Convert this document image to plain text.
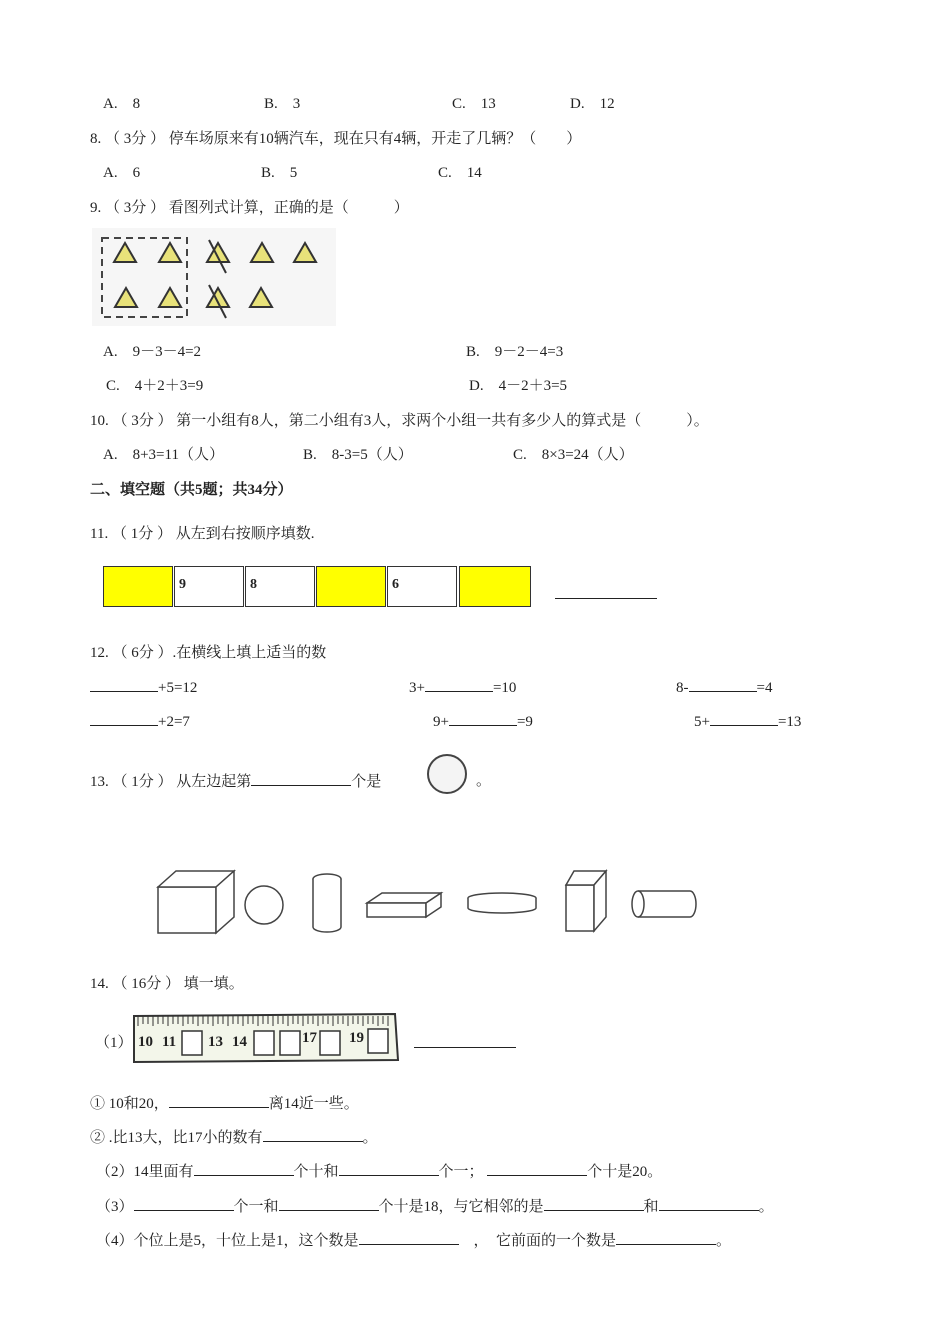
A.　8	B.　3	C.　13	D.　12
8. （ 3分 ） 停车场原来有10辆汽车，现在只有4辆，开走了几辆？（　　）
A.　6	B.　5	C.　14
9. （ 3分 ） 看图列式计算，正确的是（　　　）
A.　9－3－4=2	B.　9－2－4=3
C.　4＋2＋3=9	D.　4－2＋3=5
10. （ 3分 ） 第一小组有8人，第二小组有3人，求两个小组一共有多少人的算式是（　　　）。
A.　8+3=11（人）	B.　8-3=5（人）	C.　8×3=24（人）
二、填空题（共5题；共34分）
11. （ 1分 ） 从左到右按顺序填数.
9	8	6
12. （ 6分 ）.在横线上填上适当的数
+5=12	3+	=10	8-	=4
+2=7	9+	=9	5+	=13
13. （ 1分 ） 从左边起第	个是	。
14. （ 16分 ） 填一填。
（1） 10 11 13 14	17 19
① 10和20，	离14近一些。
② .比13大，比17小的数有	。
（2）14里面有	个十和	个一；	个十是20。
（3）	个一和	个十是18，与它相邻的是	和	。
（4）个位上是5，十位上是1，这个数是　	，　它前面的一个数是	。
